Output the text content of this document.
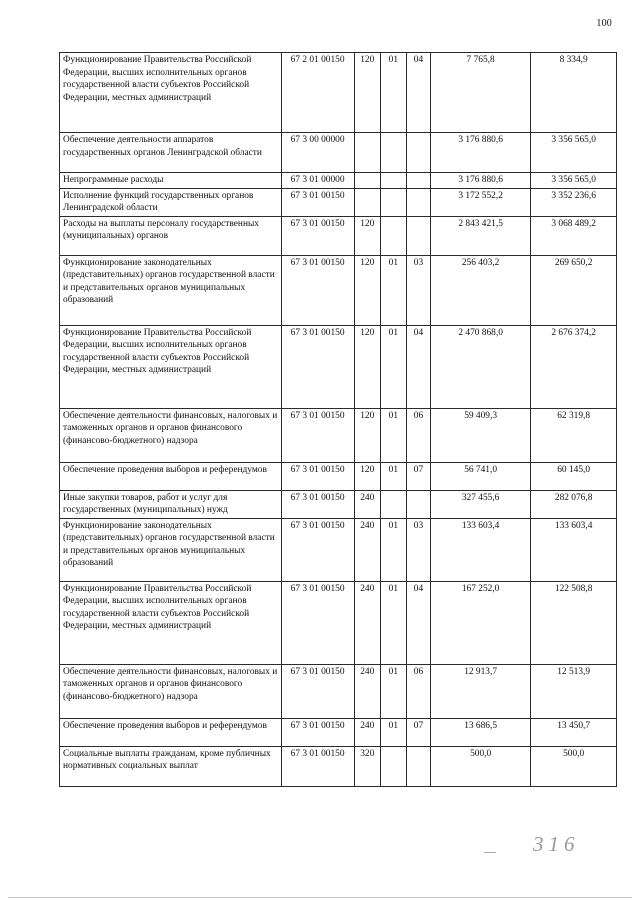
100
Функционирование Правительства Российской Федерации, высших исполнительных органов государственной власти субъектов Российской Федерации, местных администраций	67 2 01 00150	120	01	04	7 765,8	8 334,9
Обеспечение деятельности аппаратов государственных органов Ленинградской области	67 3 00 00000				3 176 880,6	3 356 565,0
Непрограммные расходы	67 3 01 00000				3 176 880,6	3 356 565,0
Исполнение функций государственных органов Ленинградской области	67 3 01 00150				3 172 552,2	3 352 236,6
Расходы на выплаты персоналу государственных (муниципальных) органов	67 3 01 00150	120			2 843 421,5	3 068 489,2
Функционирование законодательных (представительных) органов государственной власти и представительных органов муниципальных образований	67 3 01 00150	120	01	03	256 403,2	269 650,2
Функционирование Правительства Российской Федерации, высших исполнительных органов государственной власти субъектов Российской Федерации, местных администраций	67 3 01 00150	120	01	04	2 470 868,0	2 676 374,2
Обеспечение деятельности финансовых, налоговых и таможенных органов и органов финансового (финансово-бюджетного) надзора	67 3 01 00150	120	01	06	59 409,3	62 319,8
Обеспечение проведения выборов и референдумов	67 3 01 00150	120	01	07	56 741,0	60 145,0
Иные закупки товаров, работ и услуг для государственных (муниципальных) нужд	67 3 01 00150	240			327 455,6	282 076,8
Функционирование законодательных (представительных) органов государственной власти и представительных органов муниципальных образований	67 3 01 00150	240	01	03	133 603,4	133 603,4
Функционирование Правительства Российской Федерации, высших исполнительных органов государственной власти субъектов Российской Федерации, местных администраций	67 3 01 00150	240	01	04	167 252,0	122 508,8
Обеспечение деятельности финансовых, налоговых и таможенных органов и органов финансового (финансово-бюджетного) надзора	67 3 01 00150	240	01	06	12 913,7	12 513,9
Обеспечение проведения выборов и референдумов	67 3 01 00150	240	01	07	13 686,5	13 450,7
Социальные выплаты гражданам, кроме публичных нормативных социальных выплат	67 3 01 00150	320			500,0	500,0
316
